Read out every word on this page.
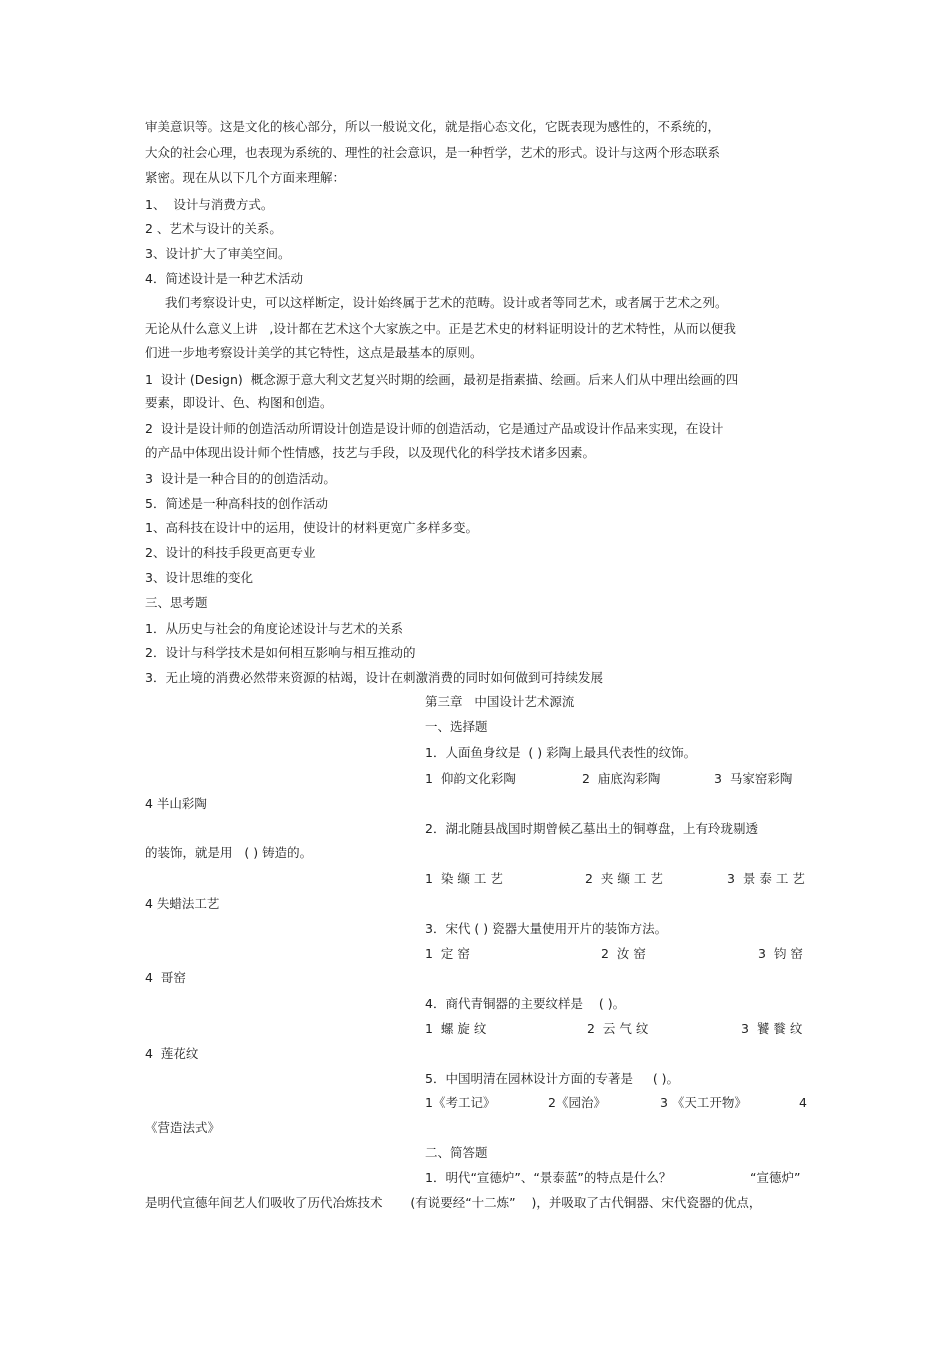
审美意识等。这是文化的核心部分，所以一般说文化，就是指心态文化，它既表现为感性的，不系统的，
大众的社会心理，也表现为系统的、理性的社会意识，是一种哲学，艺术的形式。设计与这两个形态联系
紧密。现在从以下几个方面来理解：
1、  设计与消费方式。
2 、艺术与设计的关系。
3、设计扩大了审美空间。
4．简述设计是一种艺术活动
我们考察设计史，可以这样断定，设计始终属于艺术的范畴。设计或者等同艺术，或者属于艺术之列。
无论从什么意义上讲   ,设计都在艺术这个大家族之中。正是艺术史的材料证明设计的艺术特性，从而以便我
们进一步地考察设计美学的其它特性，这点是最基本的原则。
1  设计 (Design)  概念源于意大利文艺复兴时期的绘画，最初是指素描、绘画。后来人们从中理出绘画的四
要素，即设计、色、构图和创造。
2  设计是设计师的创造活动所谓设计创造是设计师的创造活动，它是通过产品或设计作品来实现，在设计
的产品中体现出设计师个性情感，技艺与手段，以及现代化的科学技术诸多因素。
3  设计是一种合目的的创造活动。
5．简述是一种高科技的创作活动
1、高科技在设计中的运用，使设计的材料更宽广多样多变。
2、设计的科技手段更高更专业
3、设计思维的变化
三、思考题
1．从历史与社会的角度论述设计与艺术的关系
2．设计与科学技术是如何相互影响与相互推动的
3．无止境的消费必然带来资源的枯竭，设计在刺激消费的同时如何做到可持续发展
第三章   中国设计艺术源流
一、选择题
1．人面鱼身纹是  ( ) 彩陶上最具代表性的纹饰。
1  仰韵文化彩陶	2  庙底沟彩陶	3  马家窑彩陶
4 半山彩陶
2．湖北随县战国时期曾候乙墓出土的铜尊盘，上有玲珑剔透
的装饰，就是用   ( ) 铸造的。
1  染 缬 工 艺	2  夹 缬 工 艺	3  景 泰 工 艺
4 失蜡法工艺
3．宋代 ( ) 瓷器大量使用开片的装饰方法。
1  定 窑	2  汝 窑	3  钧 窑
4  哥窑
4．商代青铜器的主要纹样是    ( )。
1  螺 旋 纹	2  云 气 纹	3  饕 餮 纹
4  莲花纹
5．中国明清在园林设计方面的专著是     ( )。
1《考工记》	2《园治》	3 《天工开物》	4
《营造法式》
二、简答题
1．明代“宣德炉”、“景泰蓝”的特点是什么？	“宣德炉”
是明代宣德年间艺人们吸收了历代冶炼技术       (有说要经“十二炼”    )，并吸取了古代铜器、宋代瓷器的优点，
